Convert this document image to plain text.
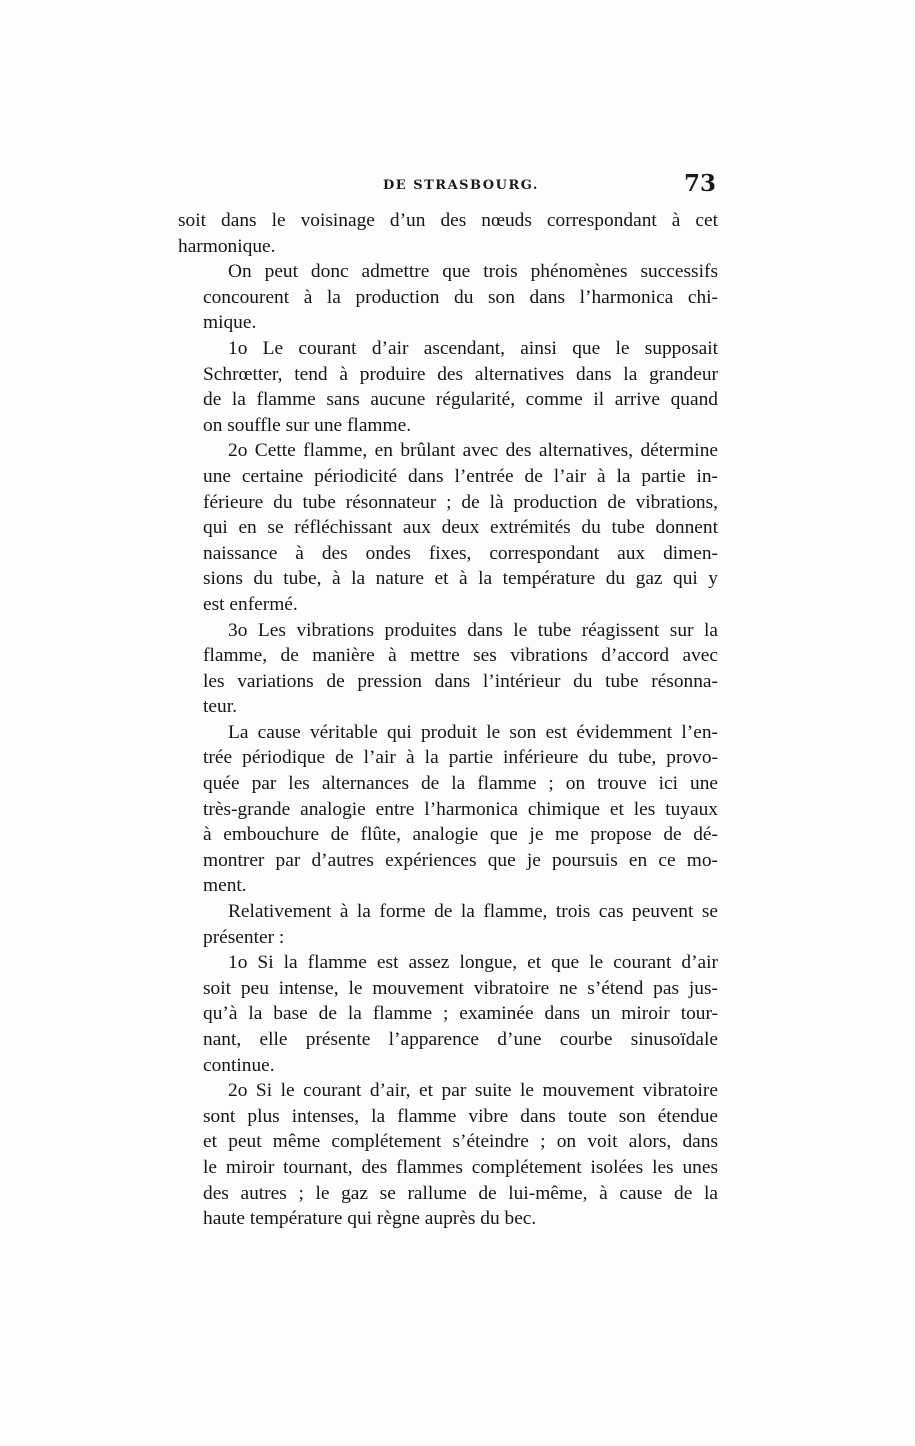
DE STRASBOURG.	73
soit dans le voisinage d’un des nœuds correspondant à cet
harmonique.
On peut donc admettre que trois phénomènes successifs
concourent à la production du son dans l’harmonica chi-
mique.
1o Le courant d’air ascendant, ainsi que le supposait
Schrœtter, tend à produire des alternatives dans la grandeur
de la flamme sans aucune régularité, comme il arrive quand
on souffle sur une flamme.
2o Cette flamme, en brûlant avec des alternatives, détermine
une certaine périodicité dans l’entrée de l’air à la partie in-
férieure du tube résonnateur ; de là production de vibrations,
qui en se réfléchissant aux deux extrémités du tube donnent
naissance à des ondes fixes, correspondant aux dimen-
sions du tube, à la nature et à la température du gaz qui y
est enfermé.
3o Les vibrations produites dans le tube réagissent sur la
flamme, de manière à mettre ses vibrations d’accord avec
les variations de pression dans l’intérieur du tube résonna-
teur.
La cause véritable qui produit le son est évidemment l’en-
trée périodique de l’air à la partie inférieure du tube, provo-
quée par les alternances de la flamme ; on trouve ici une
très-grande analogie entre l’harmonica chimique et les tuyaux
à embouchure de flûte, analogie que je me propose de dé-
montrer par d’autres expériences que je poursuis en ce mo-
ment.
Relativement à la forme de la flamme, trois cas peuvent se
présenter :
1o Si la flamme est assez longue, et que le courant d’air
soit peu intense, le mouvement vibratoire ne s’étend pas jus-
qu’à la base de la flamme ; examinée dans un miroir tour-
nant, elle présente l’apparence d’une courbe sinusoïdale
continue.
2o Si le courant d’air, et par suite le mouvement vibratoire
sont plus intenses, la flamme vibre dans toute son étendue
et peut même complétement s’éteindre ; on voit alors, dans
le miroir tournant, des flammes complétement isolées les unes
des autres ; le gaz se rallume de lui-même, à cause de la
haute température qui règne auprès du bec.
